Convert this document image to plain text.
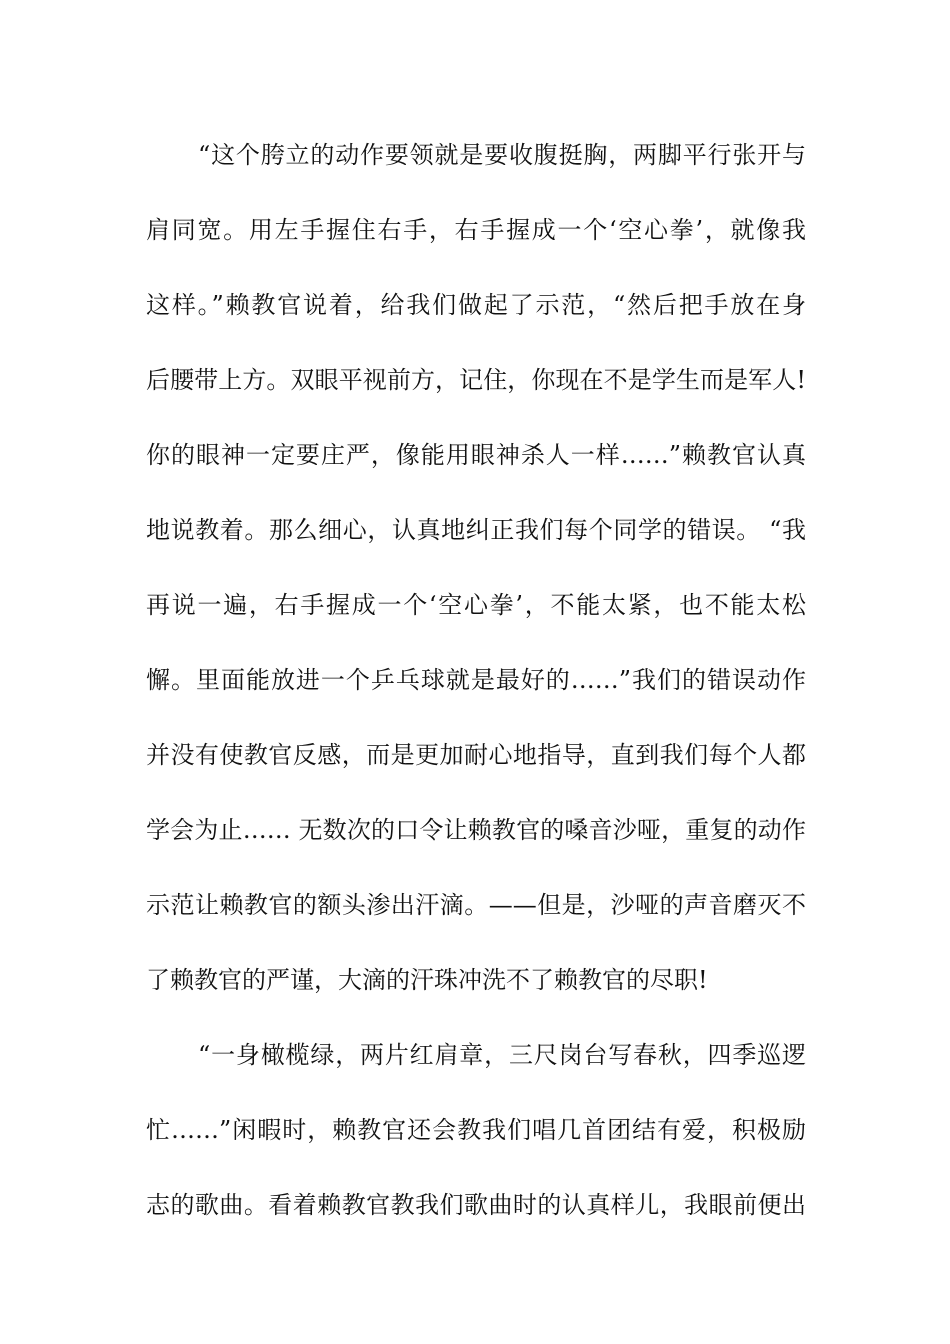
“这个胯立的动作要领就是要收腹挺胸，两脚平行张开与
肩同宽。用左手握住右手，右手握成一个‘空心拳’，就像我
这样。”赖教官说着，给我们做起了示范，“然后把手放在身
后腰带上方。双眼平视前方，记住，你现在不是学生而是军人!
你的眼神一定要庄严，像能用眼神杀人一样……”赖教官认真
地说教着。那么细心，认真地纠正我们每个同学的错误。 “我
再说一遍，右手握成一个‘空心拳’，不能太紧，也不能太松
懈。里面能放进一个乒乓球就是最好的……”我们的错误动作
并没有使教官反感，而是更加耐心地指导，直到我们每个人都
学会为止…… 无数次的口令让赖教官的嗓音沙哑，重复的动作
示范让赖教官的额头渗出汗滴。——但是，沙哑的声音磨灭不
了赖教官的严谨，大滴的汗珠冲洗不了赖教官的尽职!
“一身橄榄绿，两片红肩章，三尺岗台写春秋，四季巡逻
忙……”闲暇时，赖教官还会教我们唱几首团结有爱，积极励
志的歌曲。看着赖教官教我们歌曲时的认真样儿，我眼前便出
